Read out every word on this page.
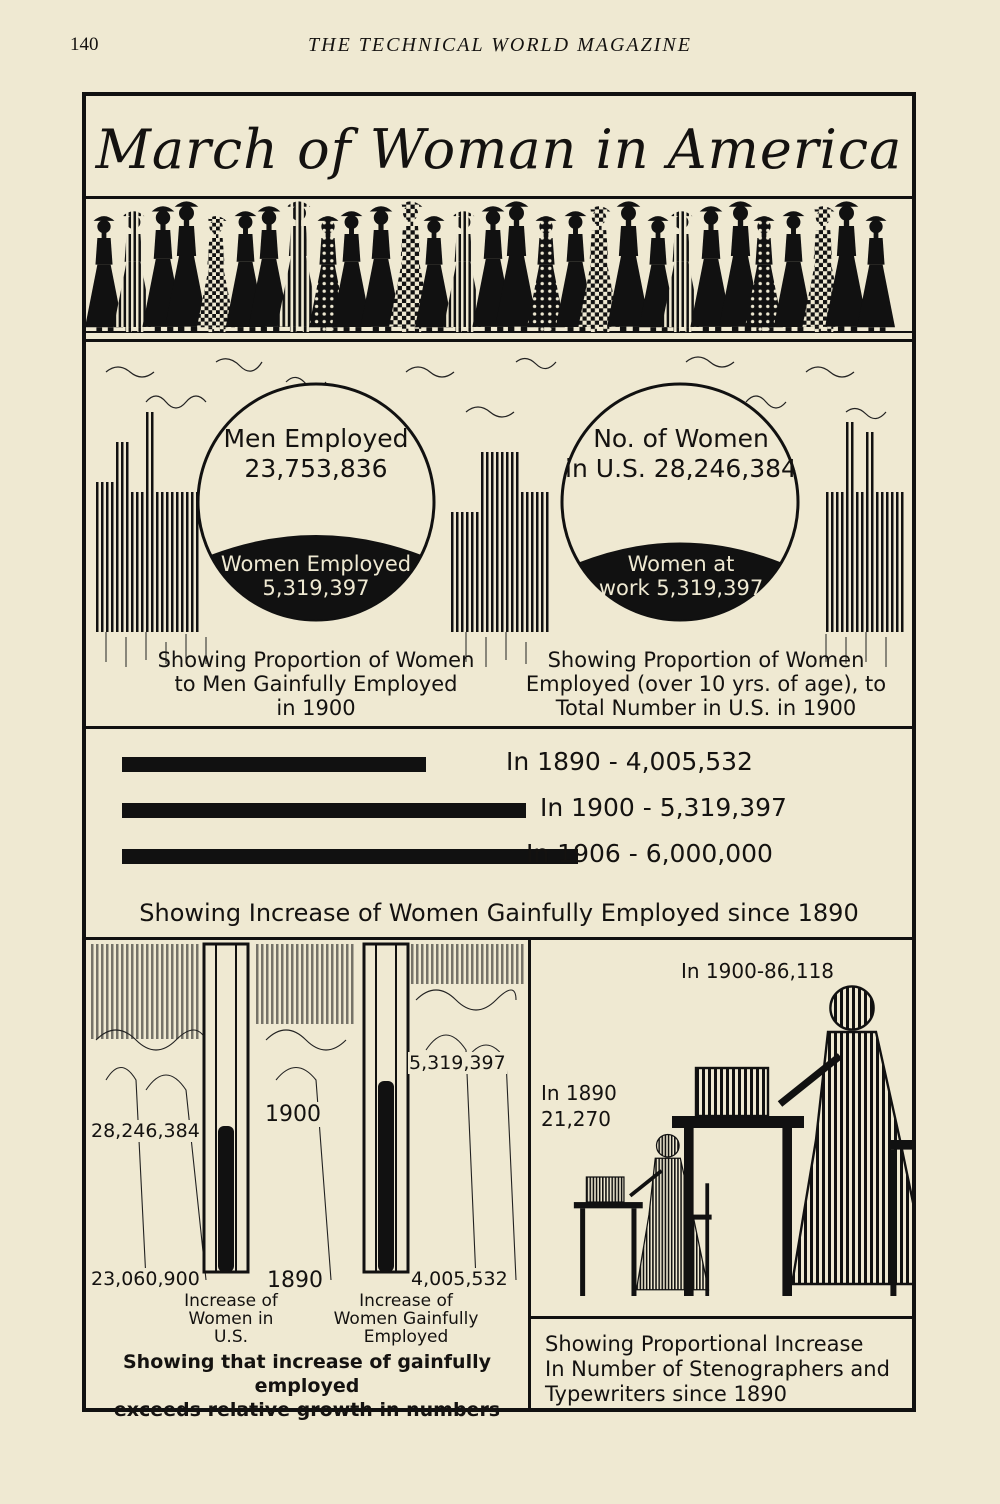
140	THE TECHNICAL WORLD MAGAZINE
March of Woman in America
Men Employed
23,753,836
Women Employed
5,319,397
No. of Women
in U.S. 28,246,384
Women at
work 5,319,397
Showing Proportion of Women
to Men Gainfully Employed
in 1900
Showing Proportion of Women
Employed (over 10 yrs. of age), to
Total Number in U.S. in 1900
In 1890 - 4,005,532
In 1900 - 5,319,397
In 1906 - 6,000,000
Showing Increase of Women Gainfully Employed since 1890
28,246,384
23,060,900
1900
1890
5,319,397
4,005,532
Increase of
Women in
U.S.
Increase of
Women Gainfully
Employed
Showing that increase of gainfully employed
exceeds relative growth in numbers
In 1900-86,118
In 1890
21,270
Showing Proportional Increase
In Number of Stenographers and
Typewriters since 1890
